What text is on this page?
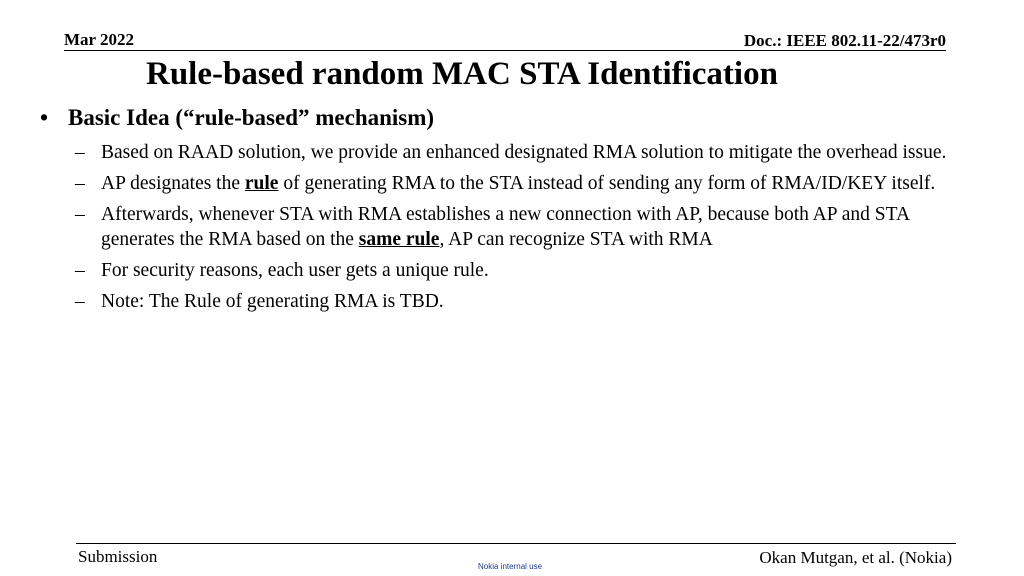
Mar 2022	Doc.: IEEE 802.11-22/473r0
Rule-based random MAC STA Identification
• Basic Idea (“rule-based” mechanism)
– Based on RAAD solution, we provide an enhanced designated RMA solution to mitigate the overhead issue.
– AP designates the rule of generating RMA to the STA instead of sending any form of RMA/ID/KEY itself.
– Afterwards, whenever STA with RMA establishes a new connection with AP, because both AP and STA generates the RMA based on the same rule, AP can recognize STA with RMA
– For security reasons, each user gets a unique rule.
– Note: The Rule of generating RMA is TBD.
Submission
Nokia internal use	Okan Mutgan, et al. (Nokia)
